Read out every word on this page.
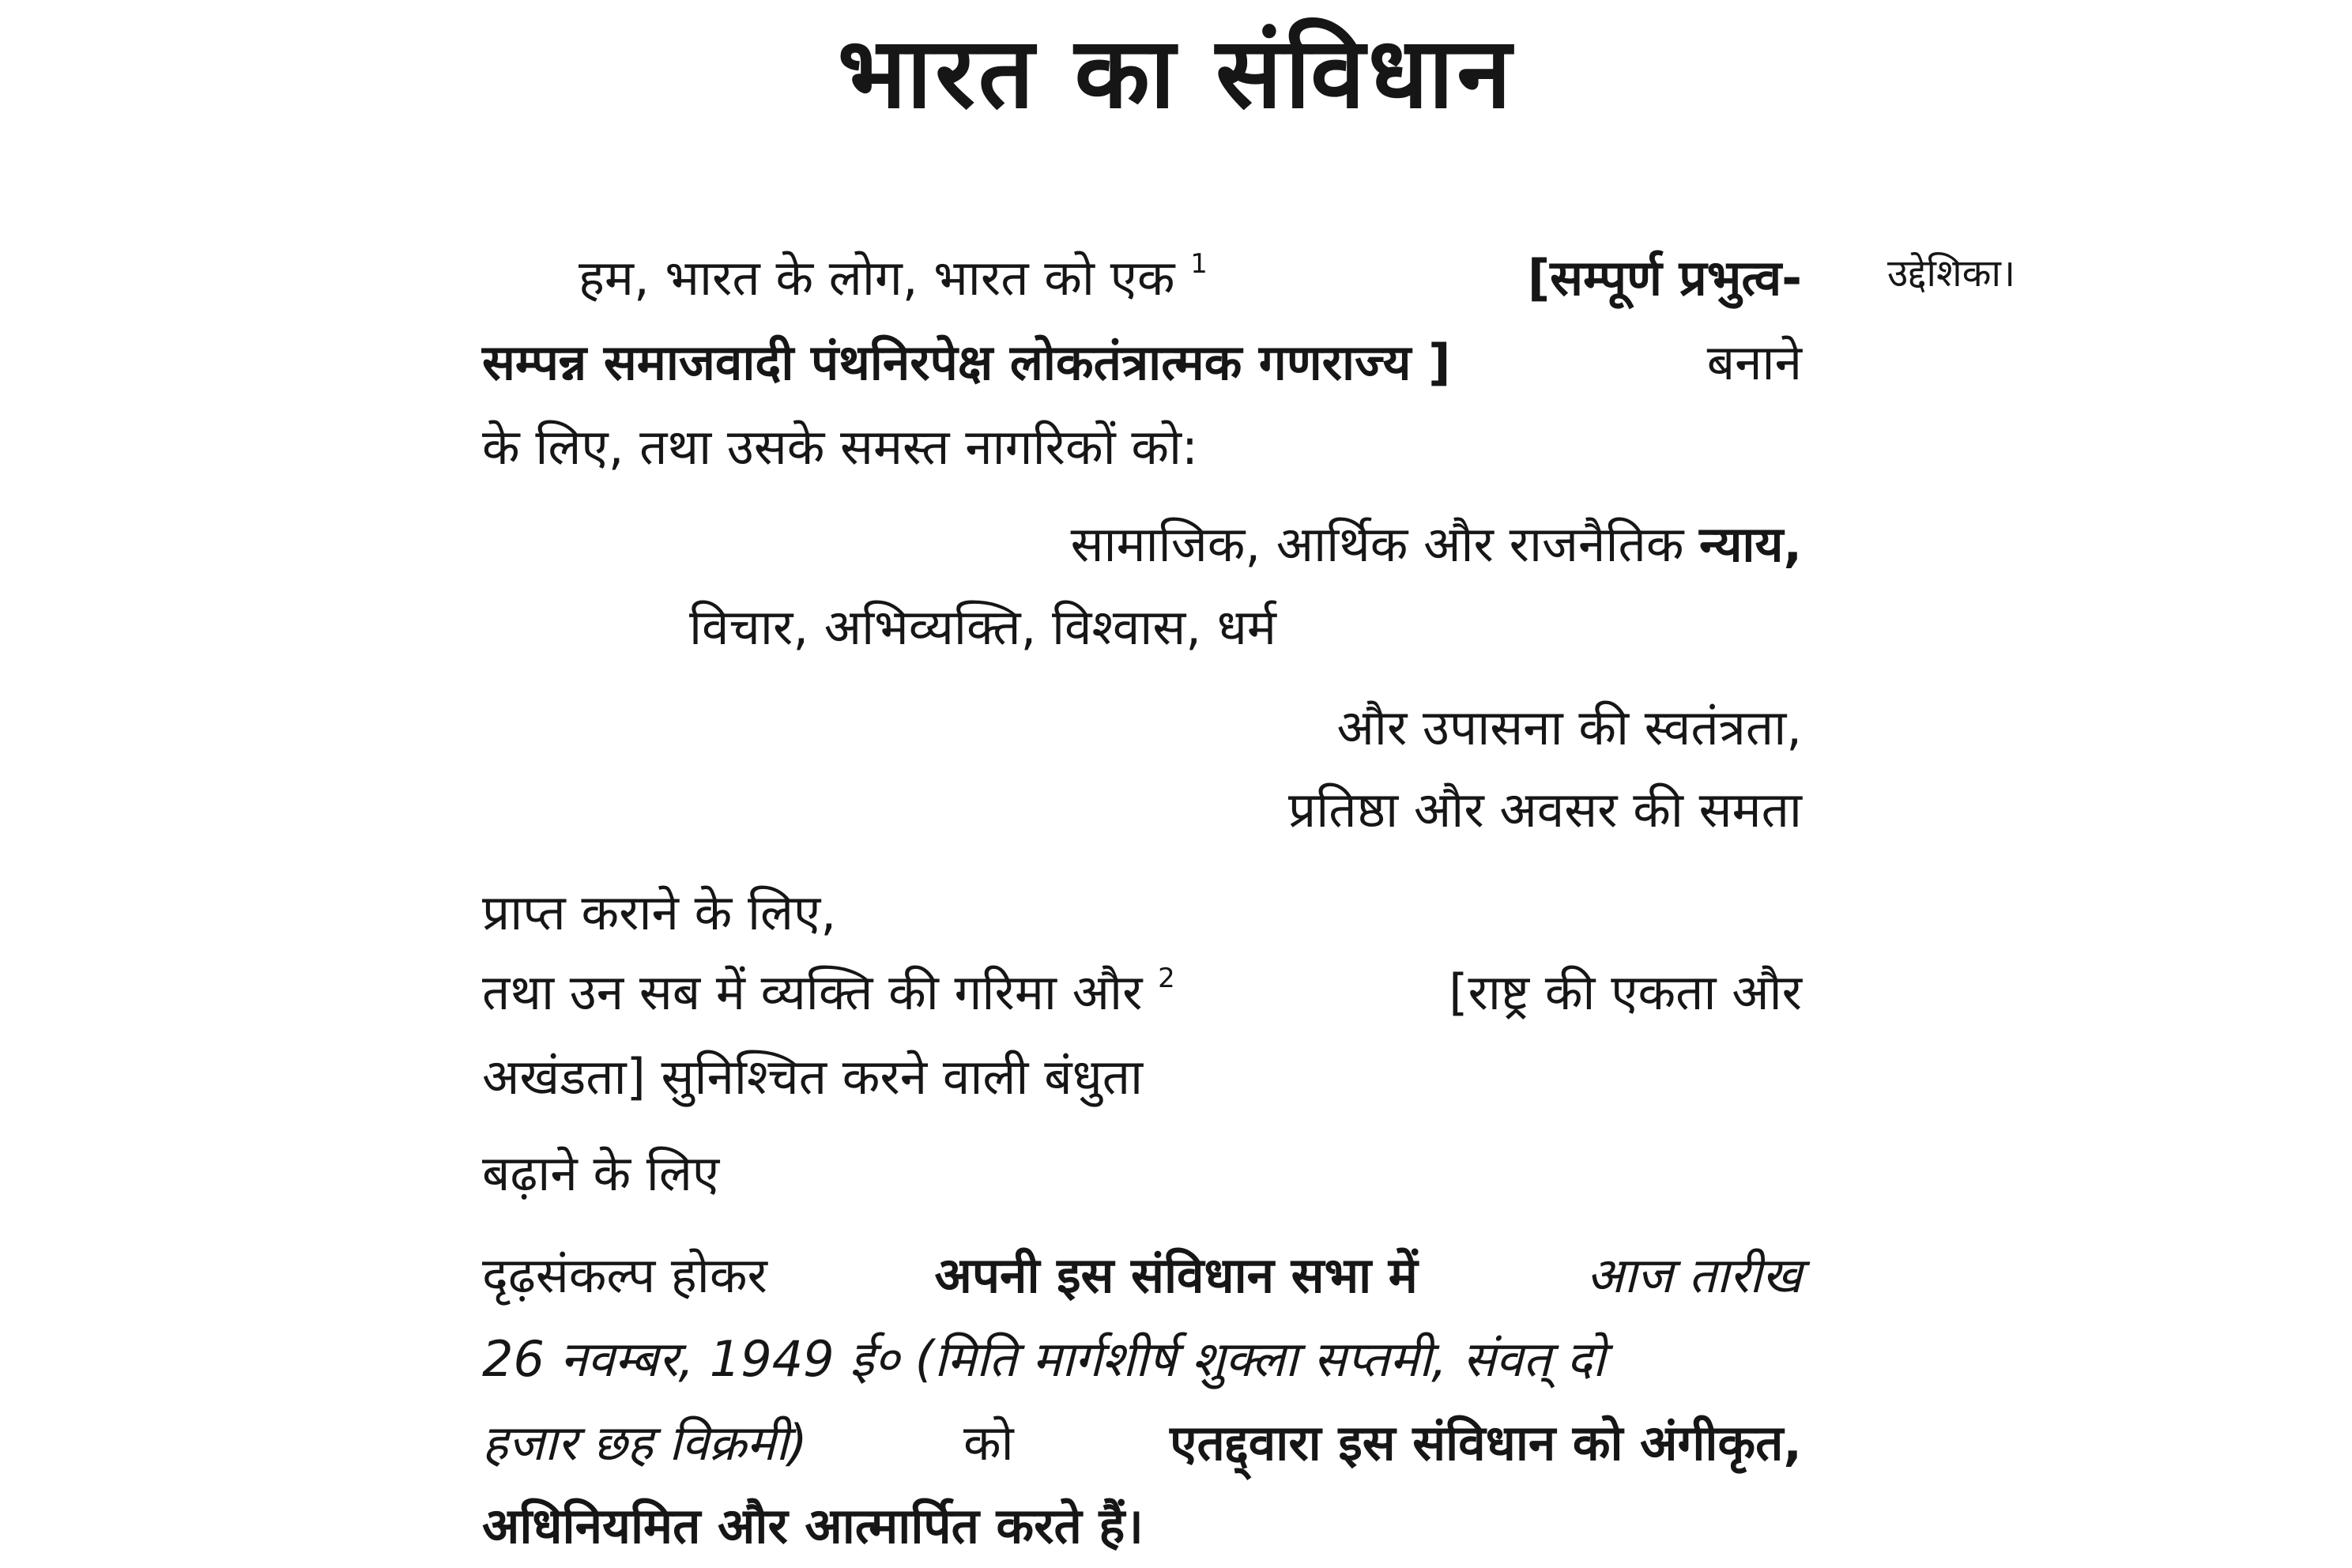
भारत का संविधान
उद्देशिका।
हम, भारत के लोग, भारत को एक $^1$	[सम्पूर्ण प्रभुत्व-
सम्पन्न समाजवादी पंथनिरपेक्ष लोकतंत्रात्मक गणराज्य ]	बनाने
के लिए, तथा उसके समस्त नागरिकों को:
सामाजिक, आर्थिक और राजनैतिक न्याय,
विचार, अभिव्यक्ति, विश्वास, धर्म
और उपासना की स्वतंत्रता,
प्रतिष्ठा और अवसर की समता
प्राप्त कराने के लिए,
तथा उन सब में व्यक्ति की गरिमा और $^2$	[राष्ट्र की एकता और
अखंडता] सुनिश्चित करने वाली बंधुता
बढ़ाने के लिए
दृढ़संकल्प होकर	अपनी इस संविधान सभा में	आज तारीख
26 नवम्बर, 1949 ई० (मिति मार्गशीर्ष शुक्ला सप्तमी, संवत् दो
हजार छह विक्रमी)	को	एतद्द्वारा इस संविधान को अंगीकृत,
अधिनियमित और आत्मार्पित करते हैं।
